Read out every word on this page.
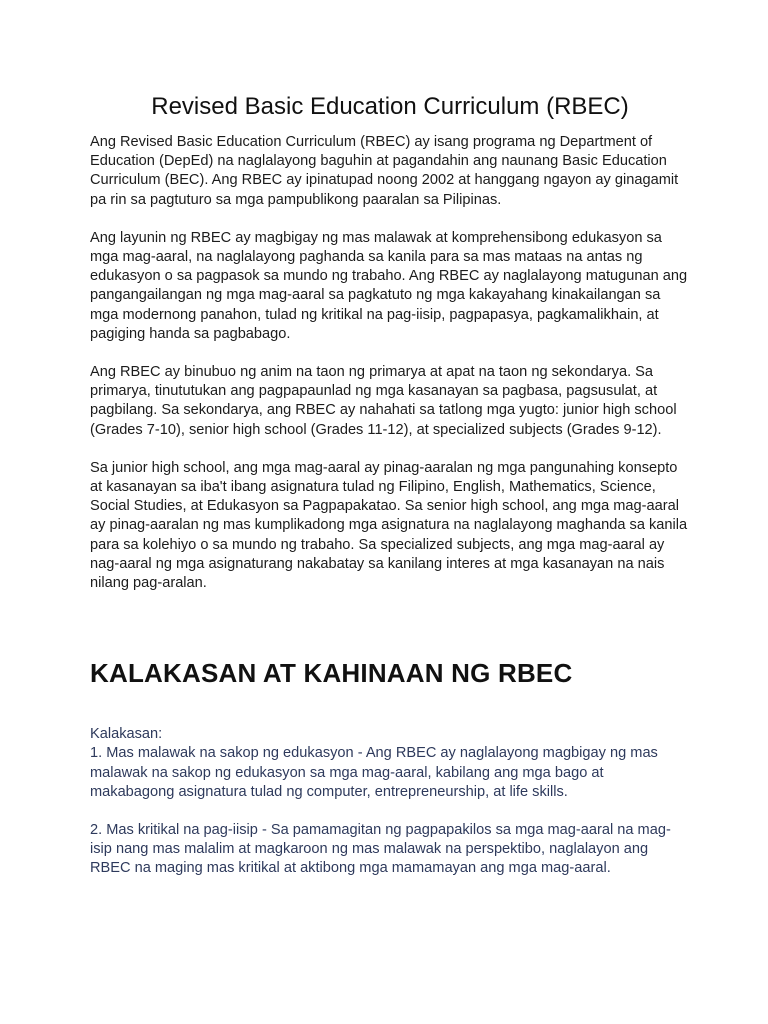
Revised Basic Education Curriculum (RBEC)

Ang Revised Basic Education Curriculum (RBEC) ay isang programa ng Department of Education (DepEd) na naglalayong baguhin at pagandahin ang naunang Basic Education Curriculum (BEC). Ang RBEC ay ipinatupad noong 2002 at hanggang ngayon ay ginagamit pa rin sa pagtuturo sa mga pampublikong paaralan sa Pilipinas.

Ang layunin ng RBEC ay magbigay ng mas malawak at komprehensibong edukasyon sa mga mag-aaral, na naglalayong paghanda sa kanila para sa mas mataas na antas ng edukasyon o sa pagpasok sa mundo ng trabaho. Ang RBEC ay naglalayong matugunan ang pangangailangan ng mga mag-aaral sa pagkatuto ng mga kakayahang kinakailangan sa mga modernong panahon, tulad ng kritikal na pag-iisip, pagpapasya, pagkamalikhain, at pagiging handa sa pagbabago.

Ang RBEC ay binubuo ng anim na taon ng primarya at apat na taon ng sekondarya. Sa primarya, tinututukan ang pagpapaunlad ng mga kasanayan sa pagbasa, pagsusulat, at pagbilang. Sa sekondarya, ang RBEC ay nahahati sa tatlong mga yugto: junior high school (Grades 7-10), senior high school (Grades 11-12), at specialized subjects (Grades 9-12).

Sa junior high school, ang mga mag-aaral ay pinag-aaralan ng mga pangunahing konsepto at kasanayan sa iba't ibang asignatura tulad ng Filipino, English, Mathematics, Science, Social Studies, at Edukasyon sa Pagpapakatao. Sa senior high school, ang mga mag-aaral ay pinag-aaralan ng mas kumplikadong mga asignatura na naglalayong maghanda sa kanila para sa kolehiyo o sa mundo ng trabaho. Sa specialized subjects, ang mga mag-aaral ay nag-aaral ng mga asignaturang nakabatay sa kanilang interes at mga kasanayan na nais nilang pag-aralan.

KALAKASAN AT KAHINAAN NG RBEC
Kalakasan:

1. Mas malawak na sakop ng edukasyon - Ang RBEC ay naglalayong magbigay ng mas malawak na sakop ng edukasyon sa mga mag-aaral, kabilang ang mga bago at makabagong asignatura tulad ng computer, entrepreneurship, at life skills.

2. Mas kritikal na pag-iisip - Sa pamamagitan ng pagpapakilos sa mga mag-aaral na mag-isip nang mas malalim at magkaroon ng mas malawak na perspektibo, naglalayon ang RBEC na maging mas kritikal at aktibong mga mamamayan ang mga mag-aaral.
